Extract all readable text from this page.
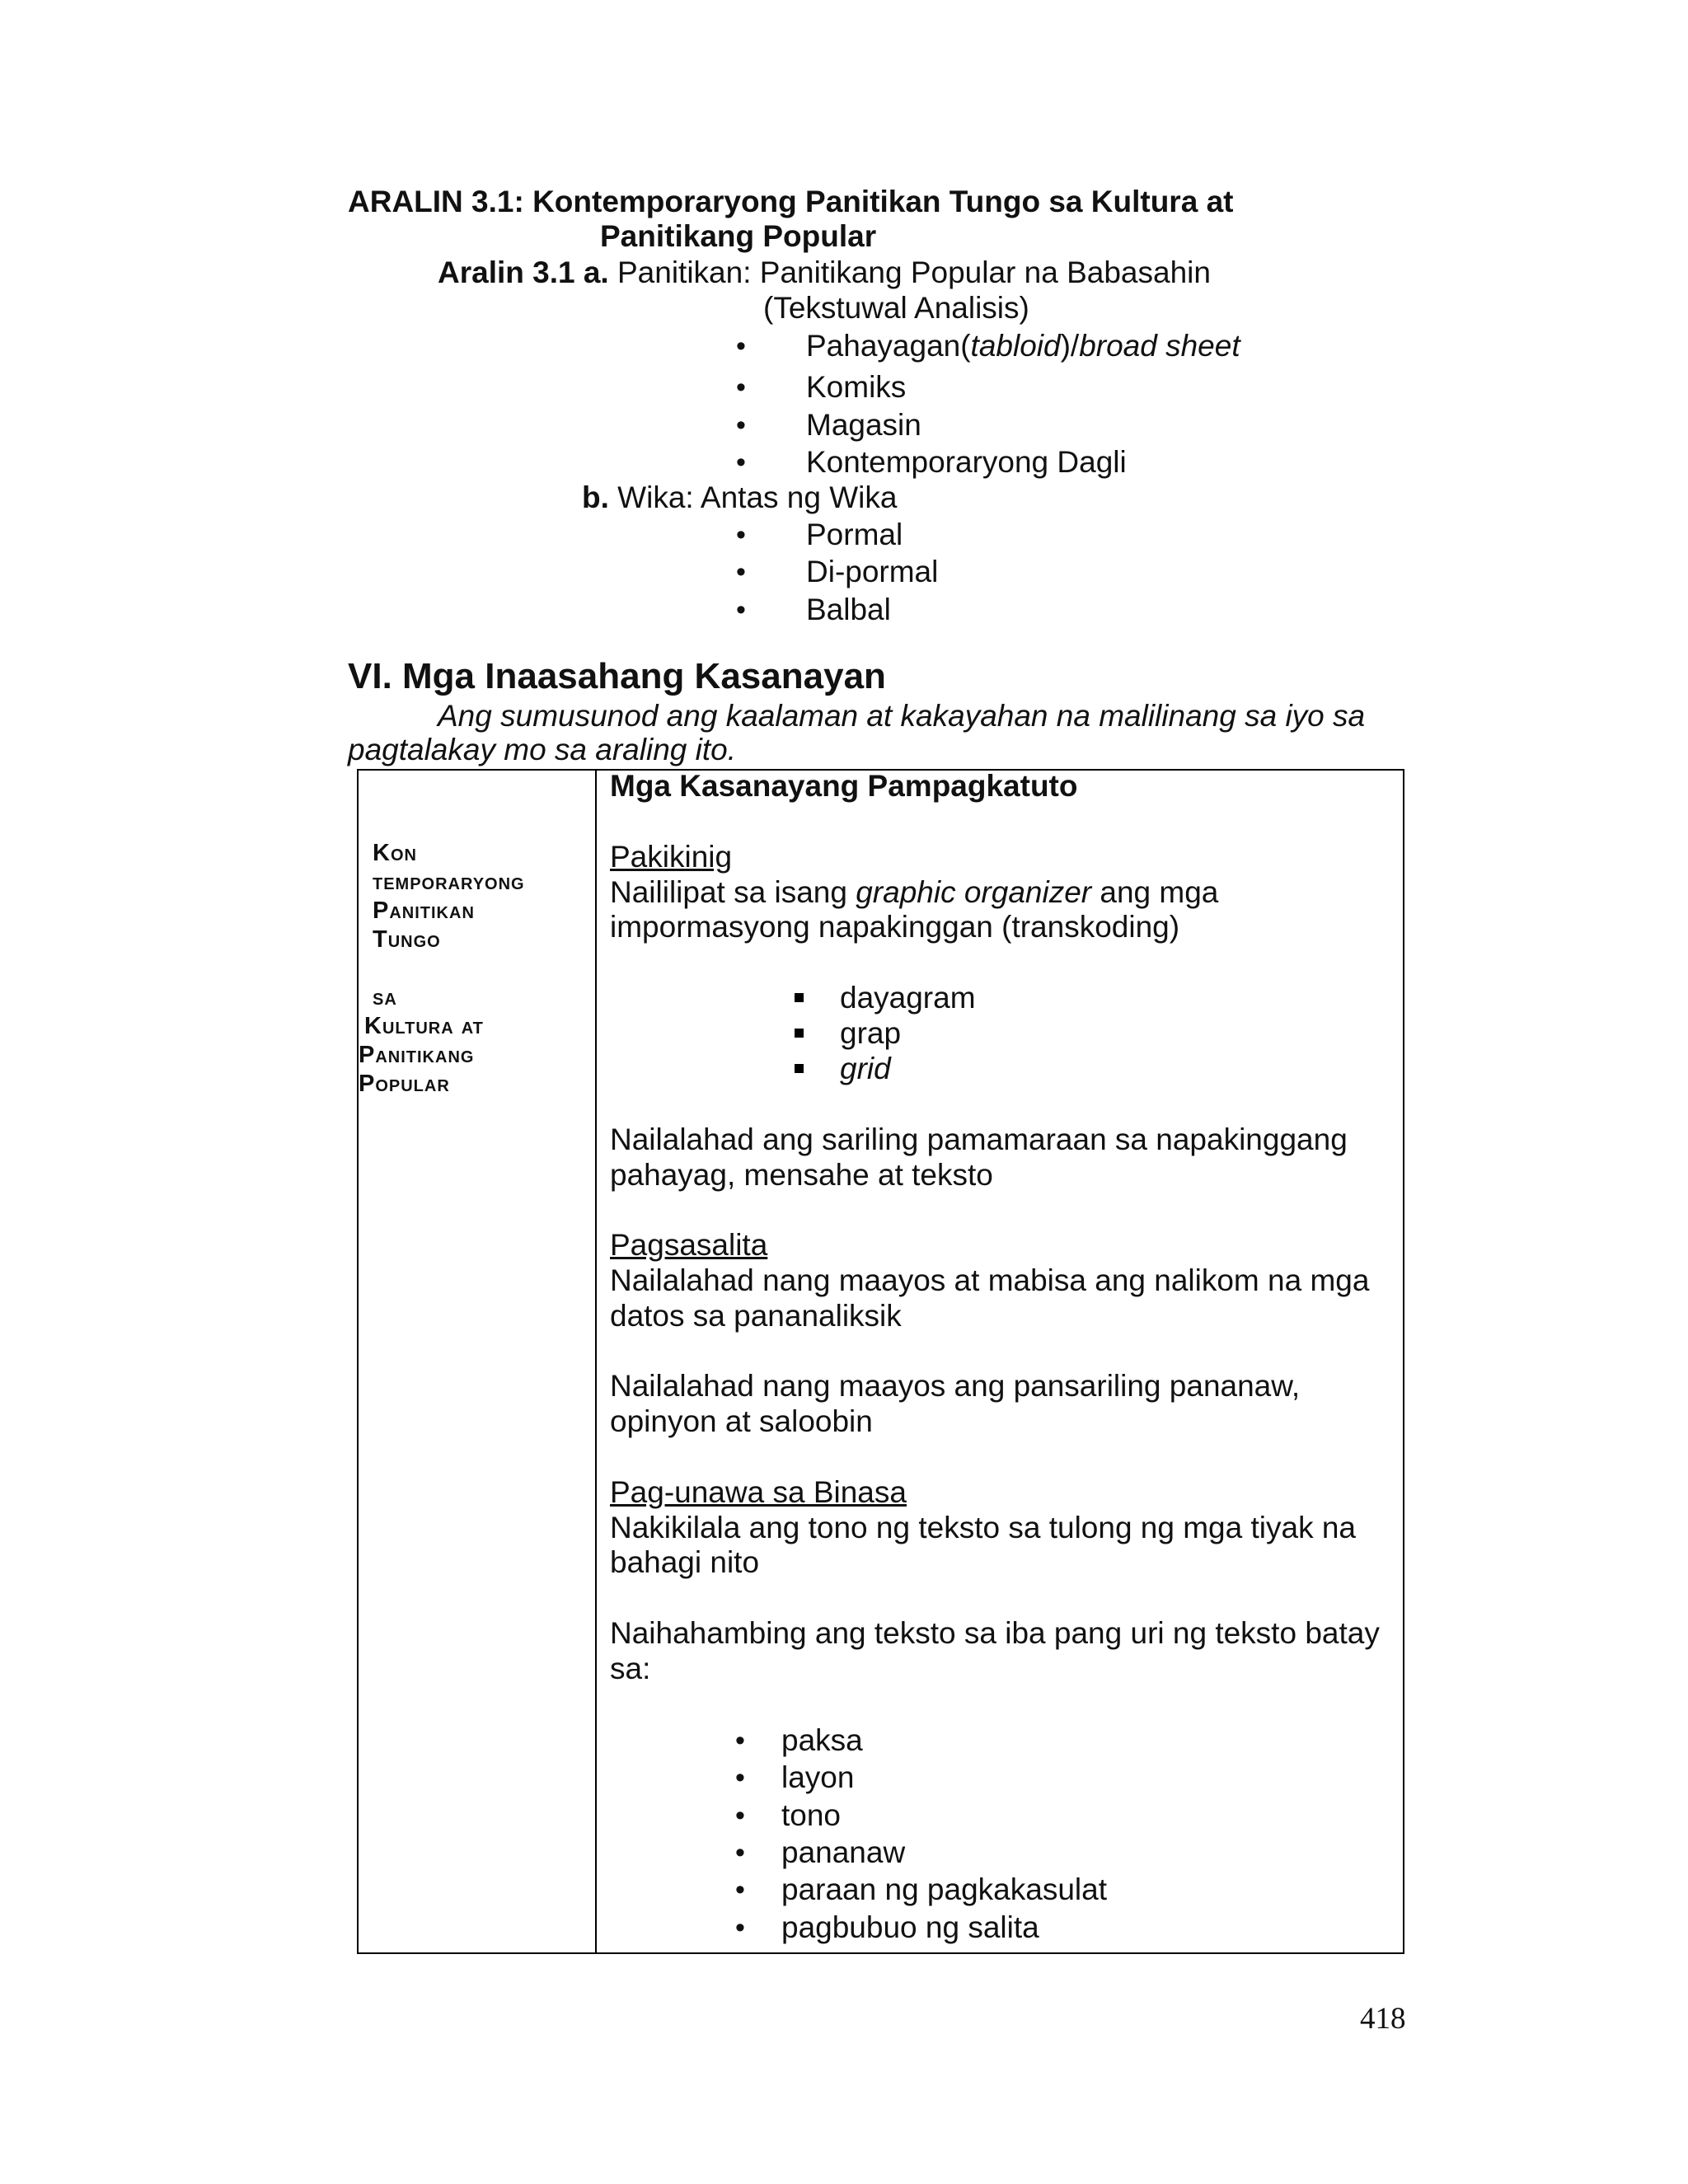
ARALIN 3.1: Kontemporaryong Panitikan Tungo sa Kultura at
Panitikang Popular
Aralin 3.1 a. Panitikan: Panitikang Popular na Babasahin
(Tekstuwal Analisis)
• Pahayagan(tabloid)/broad sheet
• Komiks
• Magasin
• Kontemporaryong Dagli
b. Wika: Antas ng Wika
• Pormal
• Di-pormal
• Balbal
VI. Mga Inaasahang Kasanayan
Ang sumusunod ang kaalaman at kakayahan na malilinang sa iyo sa
pagtalakay mo sa araling ito.
Kon
temporaryong
Panitikan
Tungo
sa
Kultura at
Panitikang
Popular
Mga Kasanayang Pampagkatuto
Pakikinig
Naililipat sa isang graphic organizer ang mga
impormasyong napakinggan (transkoding)
dayagram
grap
grid
Nailalahad ang sariling pamamaraan sa napakinggang
pahayag, mensahe at teksto
Pagsasalita
Nailalahad nang maayos at mabisa ang nalikom na mga
datos sa pananaliksik
Nailalahad nang maayos ang pansariling pananaw,
opinyon at saloobin
Pag-unawa sa Binasa
Nakikilala ang tono ng teksto sa tulong ng mga tiyak na
bahagi nito
Naihahambing ang teksto sa iba pang uri ng teksto batay
sa:
• paksa
• layon
• tono
• pananaw
• paraan ng pagkakasulat
• pagbubuo ng salita
418
